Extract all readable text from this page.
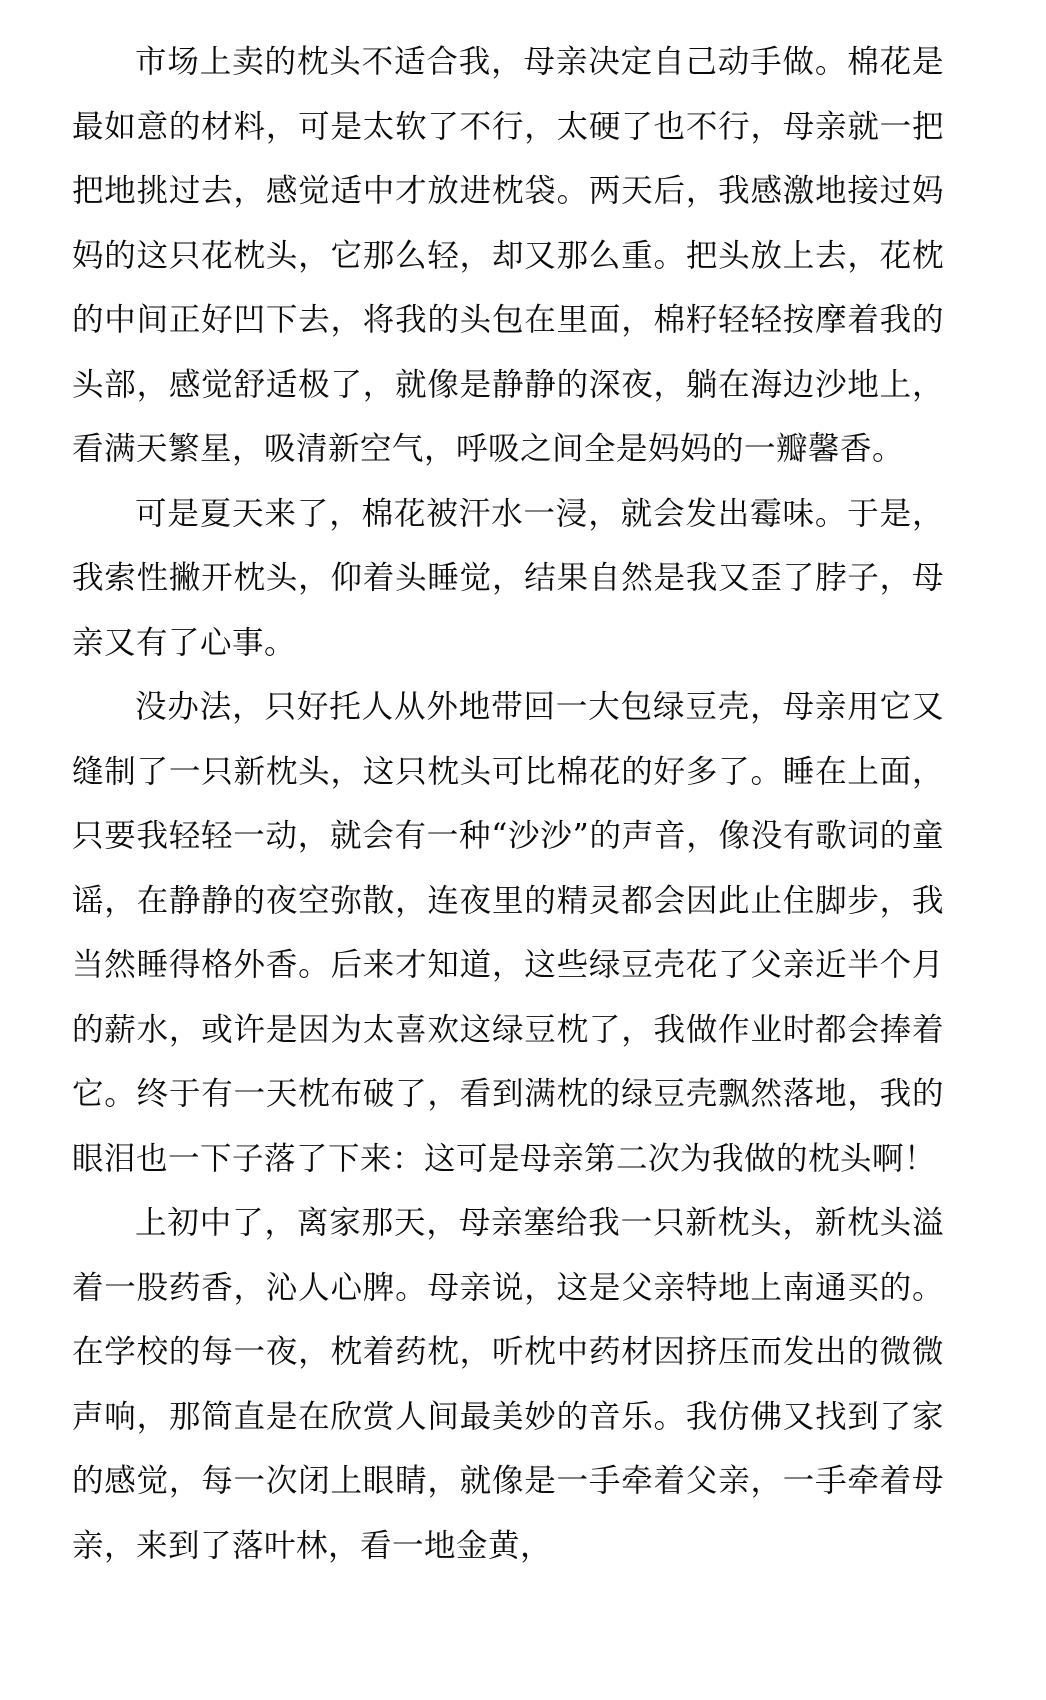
市场上卖的枕头不适合我，母亲决定自己动手做。棉花是最如意的材料，可是太软了不行，太硬了也不行，母亲就一把把地挑过去，感觉适中才放进枕袋。两天后，我感激地接过妈妈的这只花枕头，它那么轻，却又那么重。把头放上去，花枕的中间正好凹下去，将我的头包在里面，棉籽轻轻按摩着我的头部，感觉舒适极了，就像是静静的深夜，躺在海边沙地上，看满天繁星，吸清新空气，呼吸之间全是妈妈的一瓣馨香。

可是夏天来了，棉花被汗水一浸，就会发出霉味。于是，我索性撇开枕头，仰着头睡觉，结果自然是我又歪了脖子，母亲又有了心事。

没办法，只好托人从外地带回一大包绿豆壳，母亲用它又缝制了一只新枕头，这只枕头可比棉花的好多了。睡在上面，只要我轻轻一动，就会有一种“沙沙”的声音，像没有歌词的童谣，在静静的夜空弥散，连夜里的精灵都会因此止住脚步，我当然睡得格外香。后来才知道，这些绿豆壳花了父亲近半个月的薪水，或许是因为太喜欢这绿豆枕了，我做作业时都会捧着它。终于有一天枕布破了，看到满枕的绿豆壳飘然落地，我的眼泪也一下子落了下来：这可是母亲第二次为我做的枕头啊！

上初中了，离家那天，母亲塞给我一只新枕头，新枕头溢着一股药香，沁人心脾。母亲说，这是父亲特地上南通买的。在学校的每一夜，枕着药枕，听枕中药材因挤压而发出的微微声响，那简直是在欣赏人间最美妙的音乐。我仿佛又找到了家的感觉，每一次闭上眼睛，就像是一手牵着父亲，一手牵着母亲，来到了落叶林，看一地金黄，
